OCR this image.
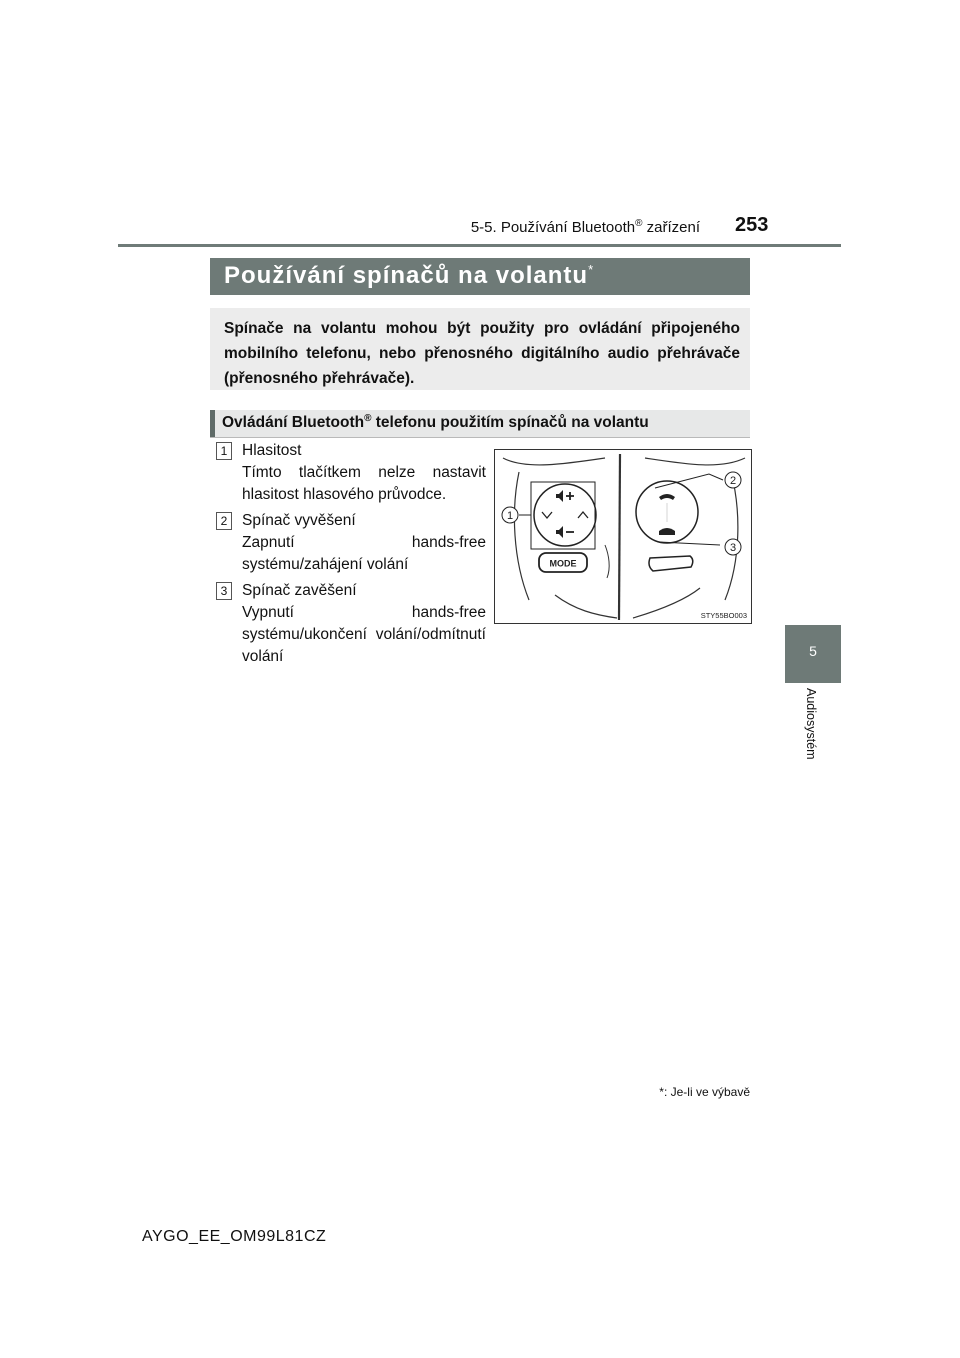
5-5. Používání Bluetooth® zařízení 253
Používání spínačů na volantu*
Spínače na volantu mohou být použity pro ovládání připojeného mobilního telefonu, nebo přenosného digitálního audio přehrávače (přenosného přehrávače).
Ovládání Bluetooth® telefonu použitím spínačů na volantu
1 Hlasitost
Tímto tlačítkem nelze nastavit hlasitost hlasového průvodce.
2 Spínač vyvěšení
Zapnutí hands-free systému/zahájení volání
3 Spínač zavěšení
Vypnutí hands-free systému/ukončení volání/odmítnutí volání
MODE
1
2
3
STY55BO003
*: Je-li ve výbavě
AYGO_EE_OM99L81CZ
5
Audiosystém
